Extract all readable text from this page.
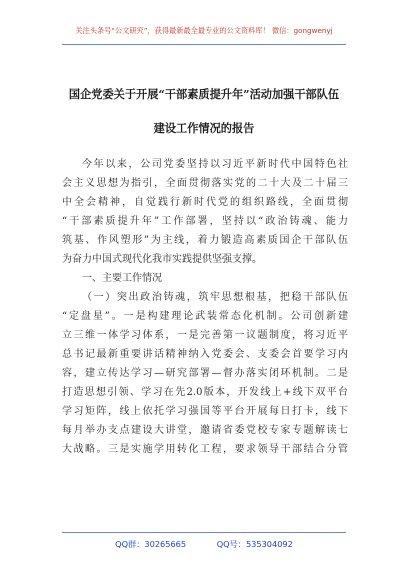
关注头条号“公文研究”，获得最新最全最专业的公文资料库！ 微信：gongwenyj
国企党委关于开展“干部素质提升年”活动加强干部队伍
建设工作情况的报告

今年以来，公司党委坚持以习近平新时代中国特色社

会主义思想为指引，全面贯彻落实党的二十大及二十届三

中全会精神，自觉践行新时代党的组织路线，全面贯彻

“干部素质提升年”工作部署，坚持以“政治铸魂、能力

筑基、作风塑形”为主线，着力锻造高素质国企干部队伍

为奋力中国式现代化我市实践提供坚强支撑。

一、主要工作情况

（一）突出政治铸魂，筑牢思想根基，把稳干部队伍

“定盘星”。一是构建理论武装常态化机制。公司创新建

立三维一体学习体系，一是完善第一议题制度，将习近平

总书记最新重要讲话精神纳入党委会、支委会首要学习内

容，建立传达学习—研究部署—督办落实闭环机制。二是

打造思想引领、学习在先2.0版本，开发线上+线下双平台

学习矩阵，线上依托学习强国等平台开展每日打卡，线下

每月举办支点建设大讲堂，邀请省委党校专家专题解读七

大战略。三是实施学用转化工程，要求领导干部结合分管

QQ群：30265665	QQ号：535304092
